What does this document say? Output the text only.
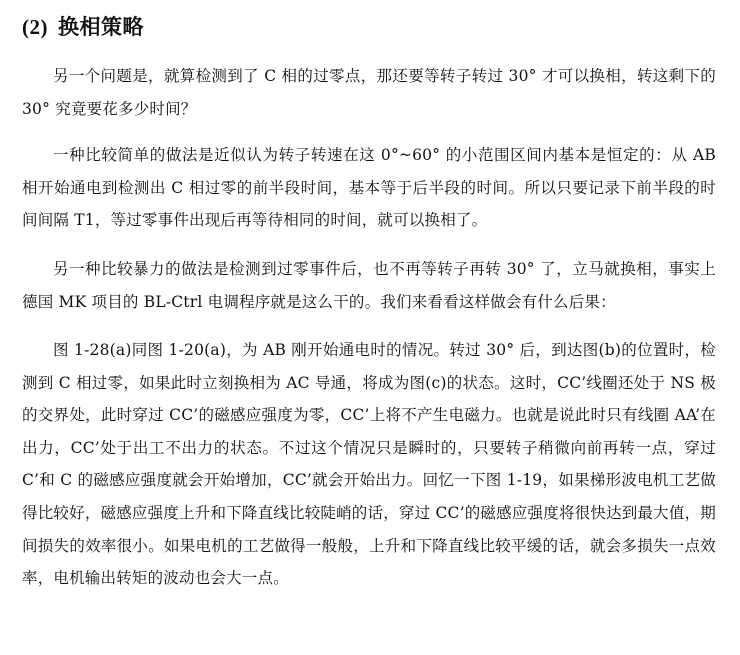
(2) 换相策略

另一个问题是，就算检测到了 C 相的过零点，那还要等转子转过 30° 才可以换相，转这剩下的 30° 究竟要花多少时间？

一种比较简单的做法是近似认为转子转速在这 0°~60° 的小范围区间内基本是恒定的：从 AB 相开始通电到检测出 C 相过零的前半段时间，基本等于后半段的时间。所以只要记录下前半段的时间间隔 T1，等过零事件出现后再等待相同的时间，就可以换相了。

另一种比较暴力的做法是检测到过零事件后，也不再等转子再转 30° 了，立马就换相，事实上德国 MK 项目的 BL-Ctrl 电调程序就是这么干的。我们来看看这样做会有什么后果：

图 1-28(a)同图 1-20(a)，为 AB 刚开始通电时的情况。转过 30° 后，到达图(b)的位置时，检测到 C 相过零，如果此时立刻换相为 AC 导通，将成为图(c)的状态。这时，CC’线圈还处于 NS 极的交界处，此时穿过 CC’的磁感应强度为零，CC’上将不产生电磁力。也就是说此时只有线圈 AA’在出力，CC’处于出工不出力的状态。不过这个情况只是瞬时的，只要转子稍微向前再转一点，穿过 C’和 C 的磁感应强度就会开始增加，CC’就会开始出力。回忆一下图 1-19，如果梯形波电机工艺做得比较好，磁感应强度上升和下降直线比较陡峭的话，穿过 CC’的磁感应强度将很快达到最大值，期间损失的效率很小。如果电机的工艺做得一般般，上升和下降直线比较平缓的话，就会多损失一点效率，电机输出转矩的波动也会大一点。
